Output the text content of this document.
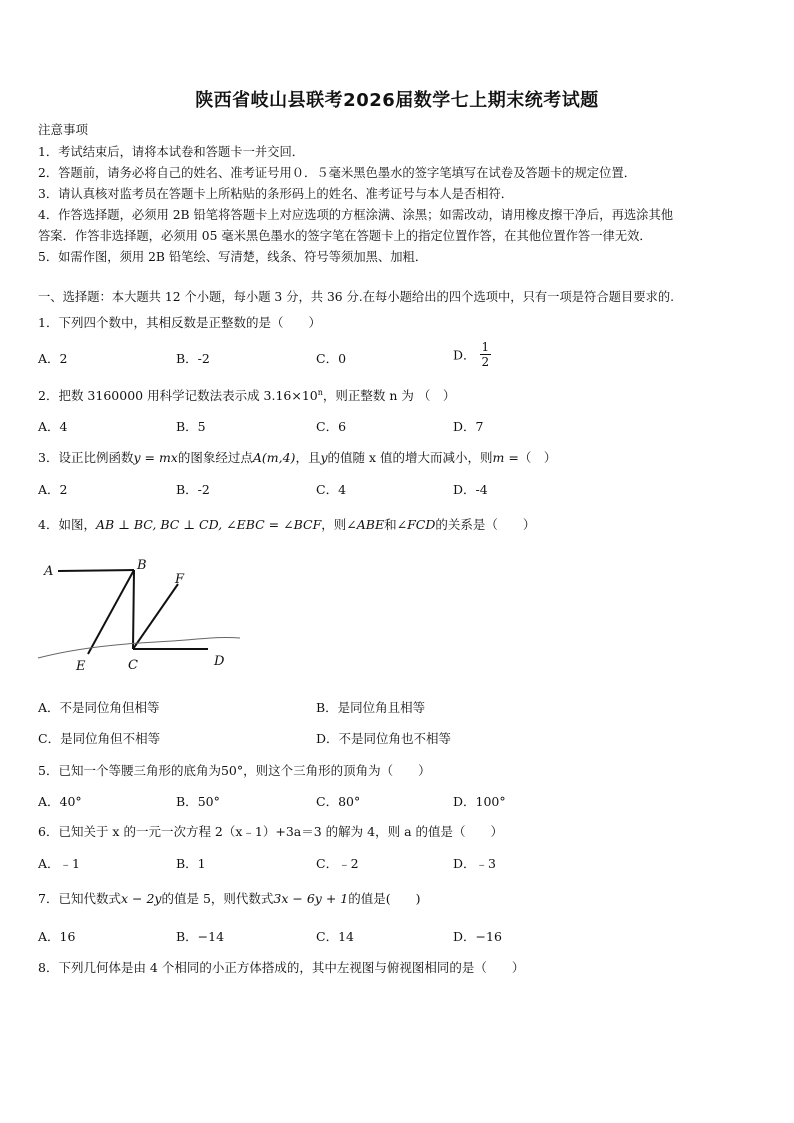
陕西省岐山县联考2026届数学七上期末统考试题
注意事项
1．考试结束后，请将本试卷和答题卡一并交回．
2．答题前，请务必将自己的姓名、准考证号用０．５毫米黑色墨水的签字笔填写在试卷及答题卡的规定位置．
3．请认真核对监考员在答题卡上所粘贴的条形码上的姓名、准考证号与本人是否相符．
4．作答选择题，必须用 2B 铅笔将答题卡上对应选项的方框涂满、涂黑；如需改动，请用橡皮擦干净后，再选涂其他
答案．作答非选择题，必须用 05 毫米黑色墨水的签字笔在答题卡上的指定位置作答，在其他位置作答一律无效．
5．如需作图，须用 2B 铅笔绘、写清楚，线条、符号等须加黑、加粗．
一、选择题：本大题共 12 个小题，每小题 3 分，共 36 分.在每小题给出的四个选项中，只有一项是符合题目要求的.
1．下列四个数中，其相反数是正整数的是（　　）
A．2	B．-2	C．0	D． $\frac{1}{2}$
2．把数 3160000 用科学记数法表示成 $3.16\times 10^n$，则正整数 n 为 （　）
A．4	B．5	C．6	D．7
3．设正比例函数y = mx的图象经过点A(m,4)，且y的值随 x 值的增大而减小，则m =（　）
A．2	B．-2	C．4	D．-4
4．如图，AB ⊥ BC, BC ⊥ CD, ∠EBC = ∠BCF，则∠ABE和∠FCD的关系是（　　）
A	B
F
E	C	D
A．不是同位角但相等	B．是同位角且相等
C．是同位角但不相等	D．不是同位角也不相等
5．已知一个等腰三角形的底角为50°，则这个三角形的顶角为（　　）
A．40°	B．50°	C．80°	D．100°
6．已知关于 x 的一元一次方程 2（x﹣1）+3a＝3 的解为 4，则 a 的值是（　　）
A．﹣1	B．1	C．﹣2	D．﹣3
7．已知代数式x − 2y的值是 5，则代数式3x − 6y + 1的值是(　　)
A．16	B．−14	C．14	D．−16
8．下列几何体是由 4 个相同的小正方体搭成的，其中左视图与俯视图相同的是（　　）
